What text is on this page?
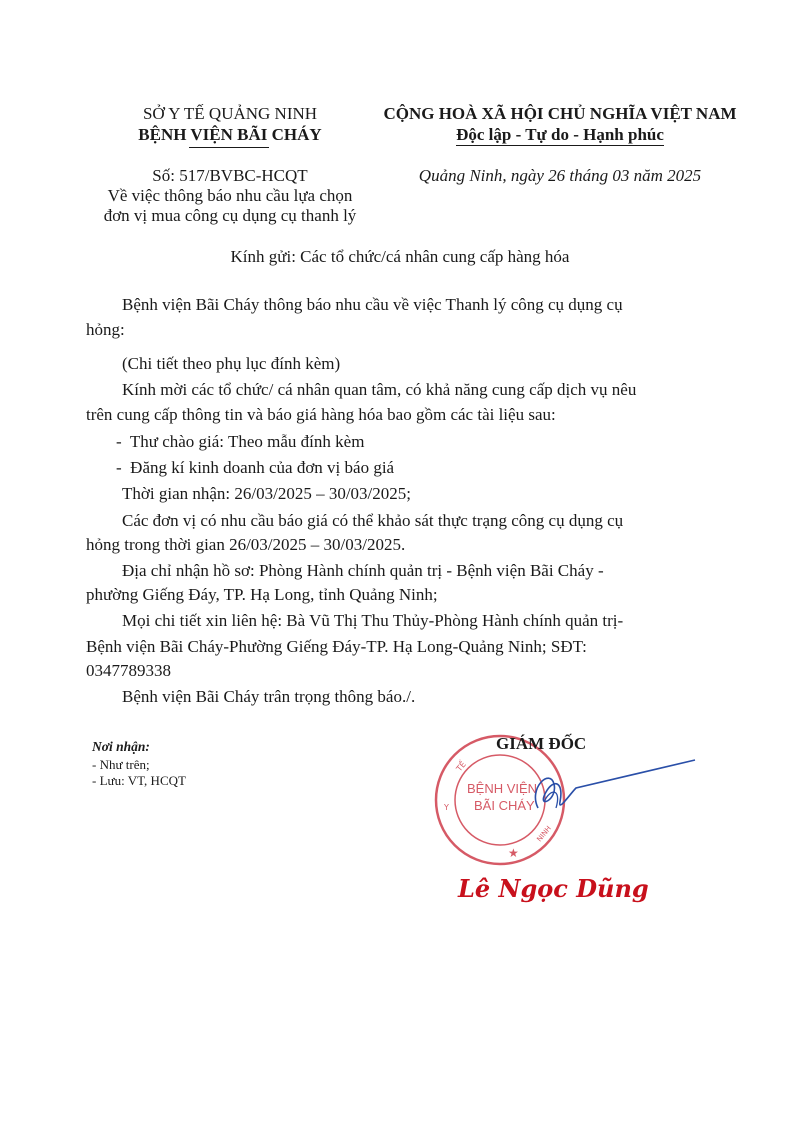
SỞ Y TẾ QUẢNG NINH
BỆNH VIỆN BÃI CHÁY
Số: 517/BVBC-HCQT
Về việc thông báo nhu cầu lựa chọn
đơn vị mua công cụ dụng cụ thanh lý
CỘNG HOÀ XÃ HỘI CHỦ NGHĨA VIỆT NAM
Độc lập - Tự do - Hạnh phúc
Quảng Ninh, ngày 26 tháng 03 năm 2025
Kính gửi: Các tổ chức/cá nhân cung cấp hàng hóa
Bệnh viện Bãi Cháy thông báo nhu cầu về việc Thanh lý công cụ dụng cụ
hỏng:
(Chi tiết theo phụ lục đính kèm)
Kính mời các tổ chức/ cá nhân quan tâm, có khả năng cung cấp dịch vụ nêu
trên cung cấp thông tin và báo giá hàng hóa bao gồm các tài liệu sau:
-  Thư chào giá: Theo mẫu đính kèm
-  Đăng kí kinh doanh của đơn vị báo giá
Thời gian nhận: 26/03/2025 – 30/03/2025;
Các đơn vị có nhu cầu báo giá có thể khảo sát thực trạng công cụ dụng cụ
hỏng trong thời gian 26/03/2025 – 30/03/2025.
Địa chỉ nhận hồ sơ: Phòng Hành chính quản trị - Bệnh viện Bãi Cháy -
phường Giếng Đáy, TP. Hạ Long, tỉnh Quảng Ninh;
Mọi chi tiết xin liên hệ: Bà Vũ Thị Thu Thủy-Phòng Hành chính quản trị-
Bệnh viện Bãi Cháy-Phường Giếng Đáy-TP. Hạ Long-Quảng Ninh; SĐT:
0347789338
Bệnh viện Bãi Cháy trân trọng thông báo./.
Nơi nhận:
- Như trên;
- Lưu: VT, HCQT
★
TẾ
Y
NINH
BỆNH VIỆN
BÃI CHÁY
GIÁM ĐỐC
Lê Ngọc Dũng
